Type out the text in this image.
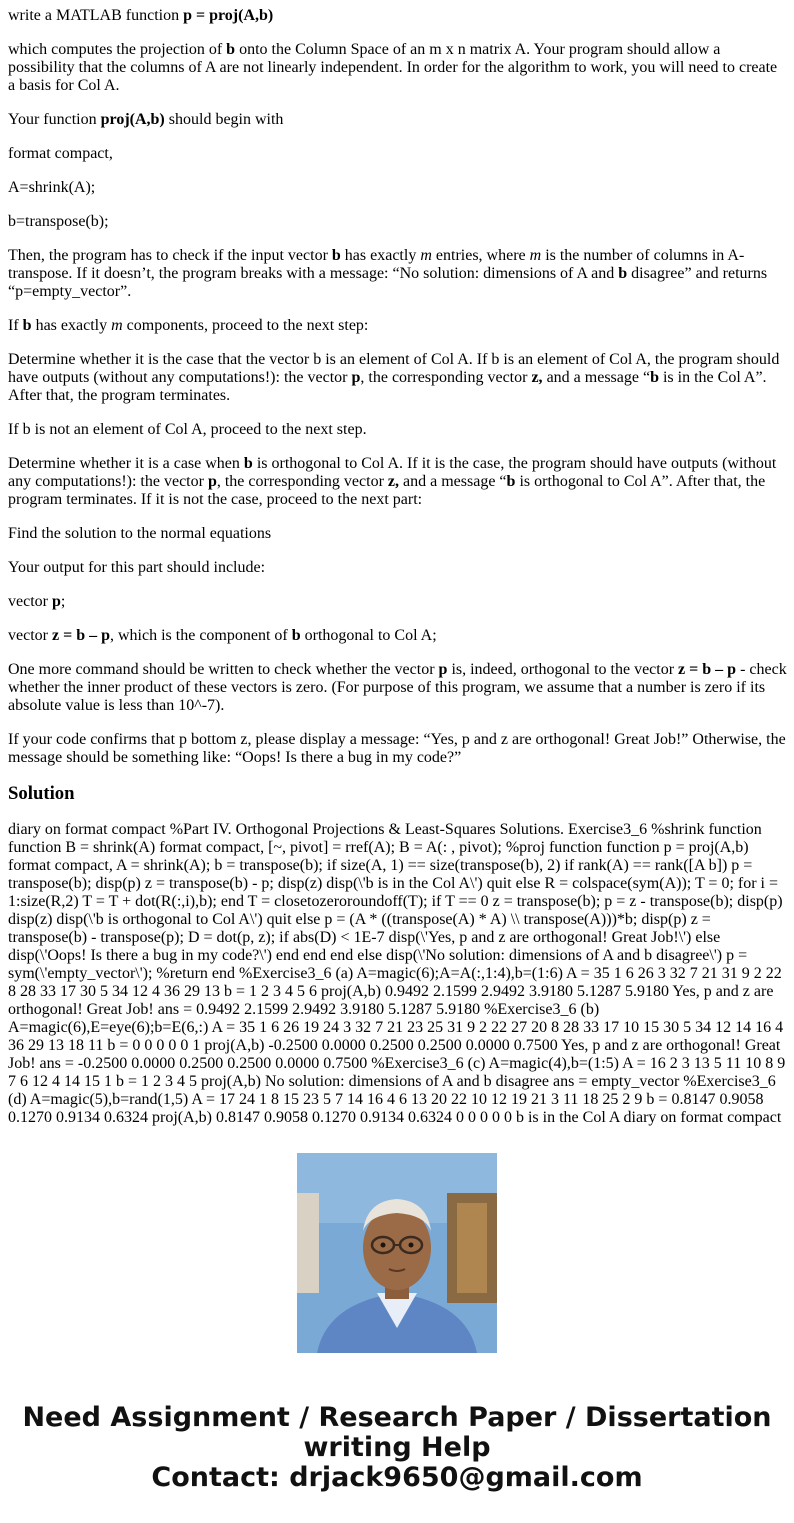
write a MATLAB function p = proj(A,b)

which computes the projection of b onto the Column Space of an m x n matrix A. Your program should allow a possibility that the columns of A are not linearly independent. In order for the algorithm to work, you will need to create a basis for Col A.

Your function proj(A,b) should begin with

format compact,

A=shrink(A);

b=transpose(b);

Then, the program has to check if the input vector b has exactly m entries, where m is the number of columns in A-transpose. If it doesn’t, the program breaks with a message: “No solution: dimensions of A and b disagree” and returns “p=empty_vector”.

If b has exactly m components, proceed to the next step:

Determine whether it is the case that the vector b is an element of Col A. If b is an element of Col A, the program should have outputs (without any computations!): the vector p, the corresponding vector z, and a message “b is in the Col A”. After that, the program terminates.

If b is not an element of Col A, proceed to the next step.

Determine whether it is a case when b is orthogonal to Col A. If it is the case, the program should have outputs (without any computations!): the vector p, the corresponding vector z, and a message “b is orthogonal to Col A”. After that, the program terminates. If it is not the case, proceed to the next part:

Find the solution to the normal equations

Your output for this part should include:

vector p;

vector z = b – p, which is the component of b orthogonal to Col A;

One more command should be written to check whether the vector p is, indeed, orthogonal to the vector z = b – p - check whether the inner product of these vectors is zero. (For purpose of this program, we assume that a number is zero if its absolute value is less than 10^-7).

If your code confirms that p bottom z, please display a message: “Yes, p and z are orthogonal! Great Job!” Otherwise, the message should be something like: “Oops! Is there a bug in my code?”

Solution

diary on format compact %Part IV. Orthogonal Projections & Least-Squares Solutions. Exercise3_6 %shrink function function B = shrink(A) format compact, [~, pivot] = rref(A); B = A(: , pivot); %proj function function p = proj(A,b) format compact, A = shrink(A); b = transpose(b); if size(A, 1) == size(transpose(b), 2) if rank(A) == rank([A b]) p = transpose(b); disp(p) z = transpose(b) - p; disp(z) disp(\'b is in the Col A\') quit else R = colspace(sym(A)); T = 0; for i = 1:size(R,2) T = T + dot(R(:,i),b); end T = closetozeroroundoff(T); if T == 0 z = transpose(b); p = z - transpose(b); disp(p) disp(z) disp(\'b is orthogonal to Col A\') quit else p = (A * ((transpose(A) * A) \\ transpose(A)))*b; disp(p) z = transpose(b) - transpose(p); D = dot(p, z); if abs(D) < 1E-7 disp(\'Yes, p and z are orthogonal! Great Job!\') else disp(\'Oops! Is there a bug in my code?\') end end end else disp(\'No solution: dimensions of A and b disagree\') p = sym(\'empty_vector\'); %return end %Exercise3_6 (a) A=magic(6);A=A(:,1:4),b=(1:6) A = 35 1 6 26 3 32 7 21 31 9 2 22 8 28 33 17 30 5 34 12 4 36 29 13 b = 1 2 3 4 5 6 proj(A,b) 0.9492 2.1599 2.9492 3.9180 5.1287 5.9180 Yes, p and z are orthogonal! Great Job! ans = 0.9492 2.1599 2.9492 3.9180 5.1287 5.9180 %Exercise3_6 (b) A=magic(6),E=eye(6);b=E(6,:) A = 35 1 6 26 19 24 3 32 7 21 23 25 31 9 2 22 27 20 8 28 33 17 10 15 30 5 34 12 14 16 4 36 29 13 18 11 b = 0 0 0 0 0 1 proj(A,b) -0.2500 0.0000 0.2500 0.2500 0.0000 0.7500 Yes, p and z are orthogonal! Great Job! ans = -0.2500 0.0000 0.2500 0.2500 0.0000 0.7500 %Exercise3_6 (c) A=magic(4),b=(1:5) A = 16 2 3 13 5 11 10 8 9 7 6 12 4 14 15 1 b = 1 2 3 4 5 proj(A,b) No solution: dimensions of A and b disagree ans = empty_vector %Exercise3_6 (d) A=magic(5),b=rand(1,5) A = 17 24 1 8 15 23 5 7 14 16 4 6 13 20 22 10 12 19 21 3 11 18 25 2 9 b = 0.8147 0.9058 0.1270 0.9134 0.6324 proj(A,b) 0.8147 0.9058 0.1270 0.9134 0.6324 0 0 0 0 0 b is in the Col A diary on format compact

Need Assignment / Research Paper / Dissertation writing Help
Contact: drjack9650@gmail.com
